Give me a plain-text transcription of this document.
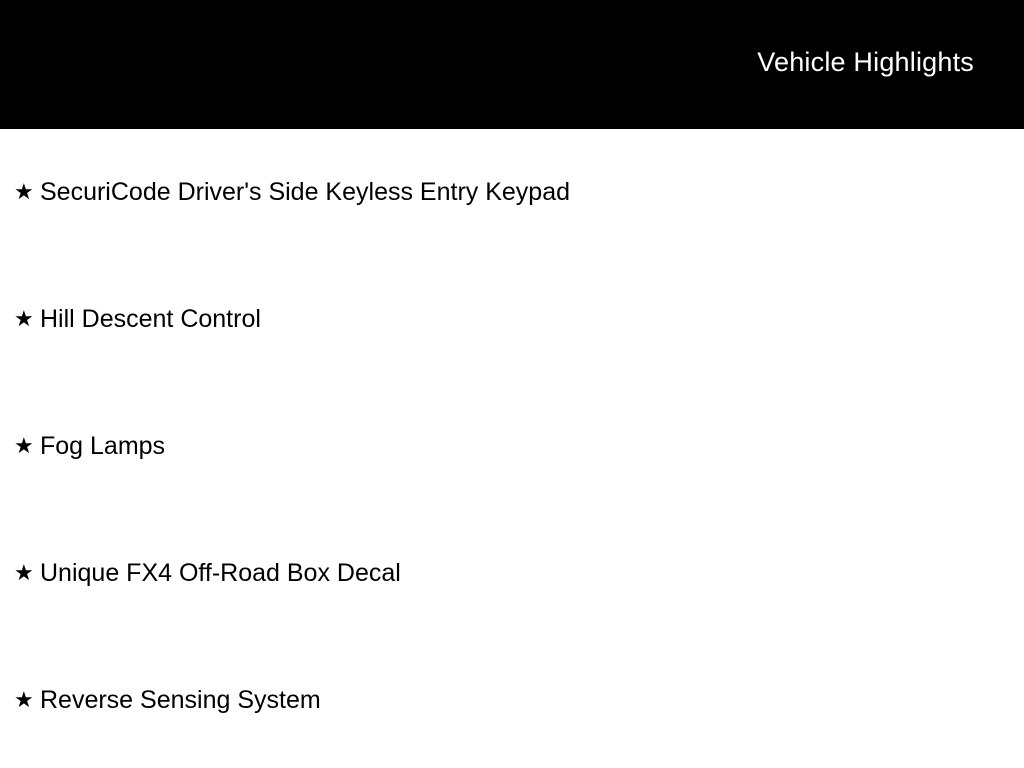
Vehicle Highlights
★ SecuriCode Driver's Side Keyless Entry Keypad
★ Hill Descent Control
★ Fog Lamps
★ Unique FX4 Off-Road Box Decal
★ Reverse Sensing System
